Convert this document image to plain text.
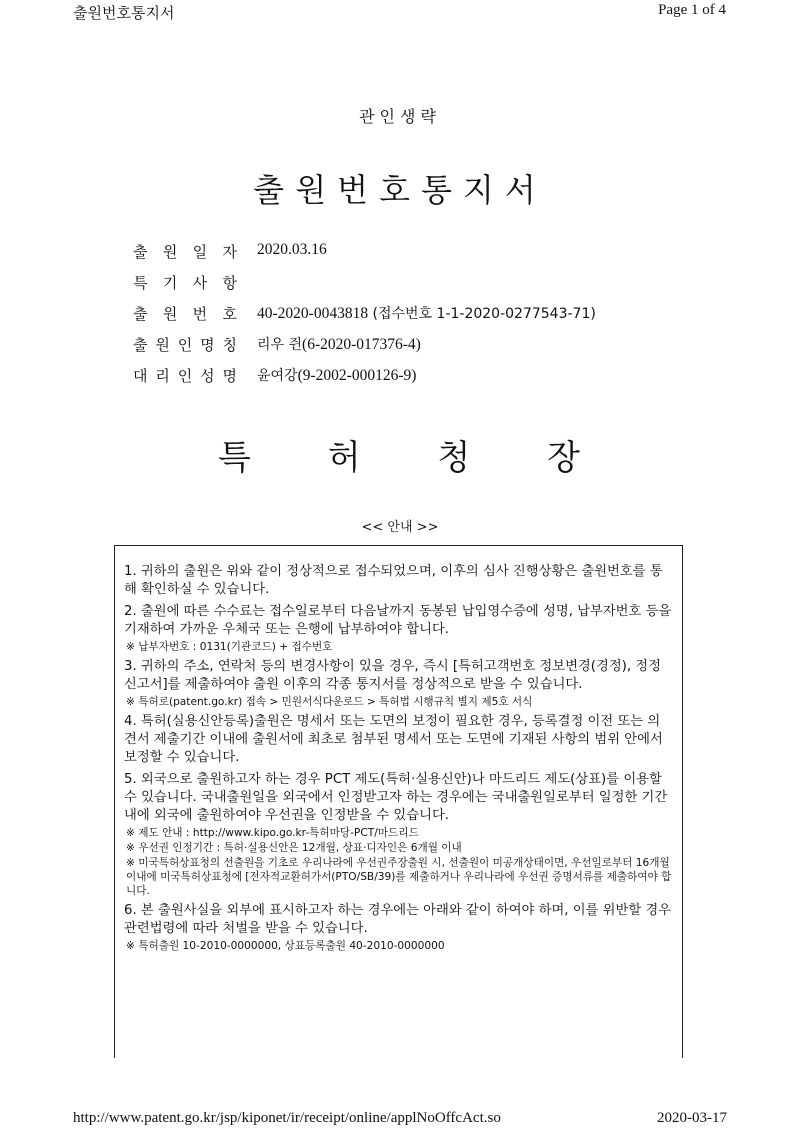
출원번호통지서	Page 1 of 4
관인생략
출원번호통지서
출 원 일 자 2020.03.16
특 기 사 항
출 원 번 호 40-2020-0043818 (접수번호 1-1-2020-0277543-71)
출 원 인 명 칭 리우 쥔(6-2020-017376-4)
대 리 인 성 명 윤여강(9-2002-000126-9)
특 허 청 장
<< 안내 >>
1. 귀하의 출원은 위와 같이 정상적으로 접수되었으며, 이후의 심사 진행상황은 출원번호를 통해 확인하실 수 있습니다.
2. 출원에 따른 수수료는 접수일로부터 다음날까지 동봉된 납입영수증에 성명, 납부자번호 등을 기재하여 가까운 우체국 또는 은행에 납부하여야 합니다.
※ 납부자번호 : 0131(기관코드) + 접수번호
3. 귀하의 주소, 연락처 등의 변경사항이 있을 경우, 즉시 [특허고객번호 정보변경(경정), 정정신고서]를 제출하여야 출원 이후의 각종 통지서를 정상적으로 받을 수 있습니다.
※ 특허로(patent.go.kr) 접속 > 민원서식다운로드 > 특허법 시행규칙 별지 제5호 서식
4. 특허(실용신안등록)출원은 명세서 또는 도면의 보정이 필요한 경우, 등록결정 이전 또는 의견서 제출기간 이내에 출원서에 최초로 첨부된 명세서 또는 도면에 기재된 사항의 범위 안에서 보정할 수 있습니다.
5. 외국으로 출원하고자 하는 경우 PCT 제도(특허·실용신안)나 마드리드 제도(상표)를 이용할 수 있습니다. 국내출원일을 외국에서 인정받고자 하는 경우에는 국내출원일로부터 일정한 기간 내에 외국에 출원하여야 우선권을 인정받을 수 있습니다.
※ 제도 안내 : http://www.kipo.go.kr-특허마당-PCT/마드리드
※ 우선권 인정기간 : 특허·실용신안은 12개월, 상표·디자인은 6개월 이내
※ 미국특허상표청의 선출원을 기초로 우리나라에 우선권주장출원 시, 선출원이 미공개상태이면, 우선일로부터 16개월 이내에 미국특허상표청에 [전자적교환허가서(PTO/SB/39)를 제출하거나 우리나라에 우선권 증명서류를 제출하여야 합니다.
6. 본 출원사실을 외부에 표시하고자 하는 경우에는 아래와 같이 하여야 하며, 이를 위반할 경우 관련법령에 따라 처벌을 받을 수 있습니다.
※ 특허출원 10-2010-0000000, 상표등록출원 40-2010-0000000
http://www.patent.go.kr/jsp/kiponet/ir/receipt/online/applNoOffcAct.so	2020-03-17
